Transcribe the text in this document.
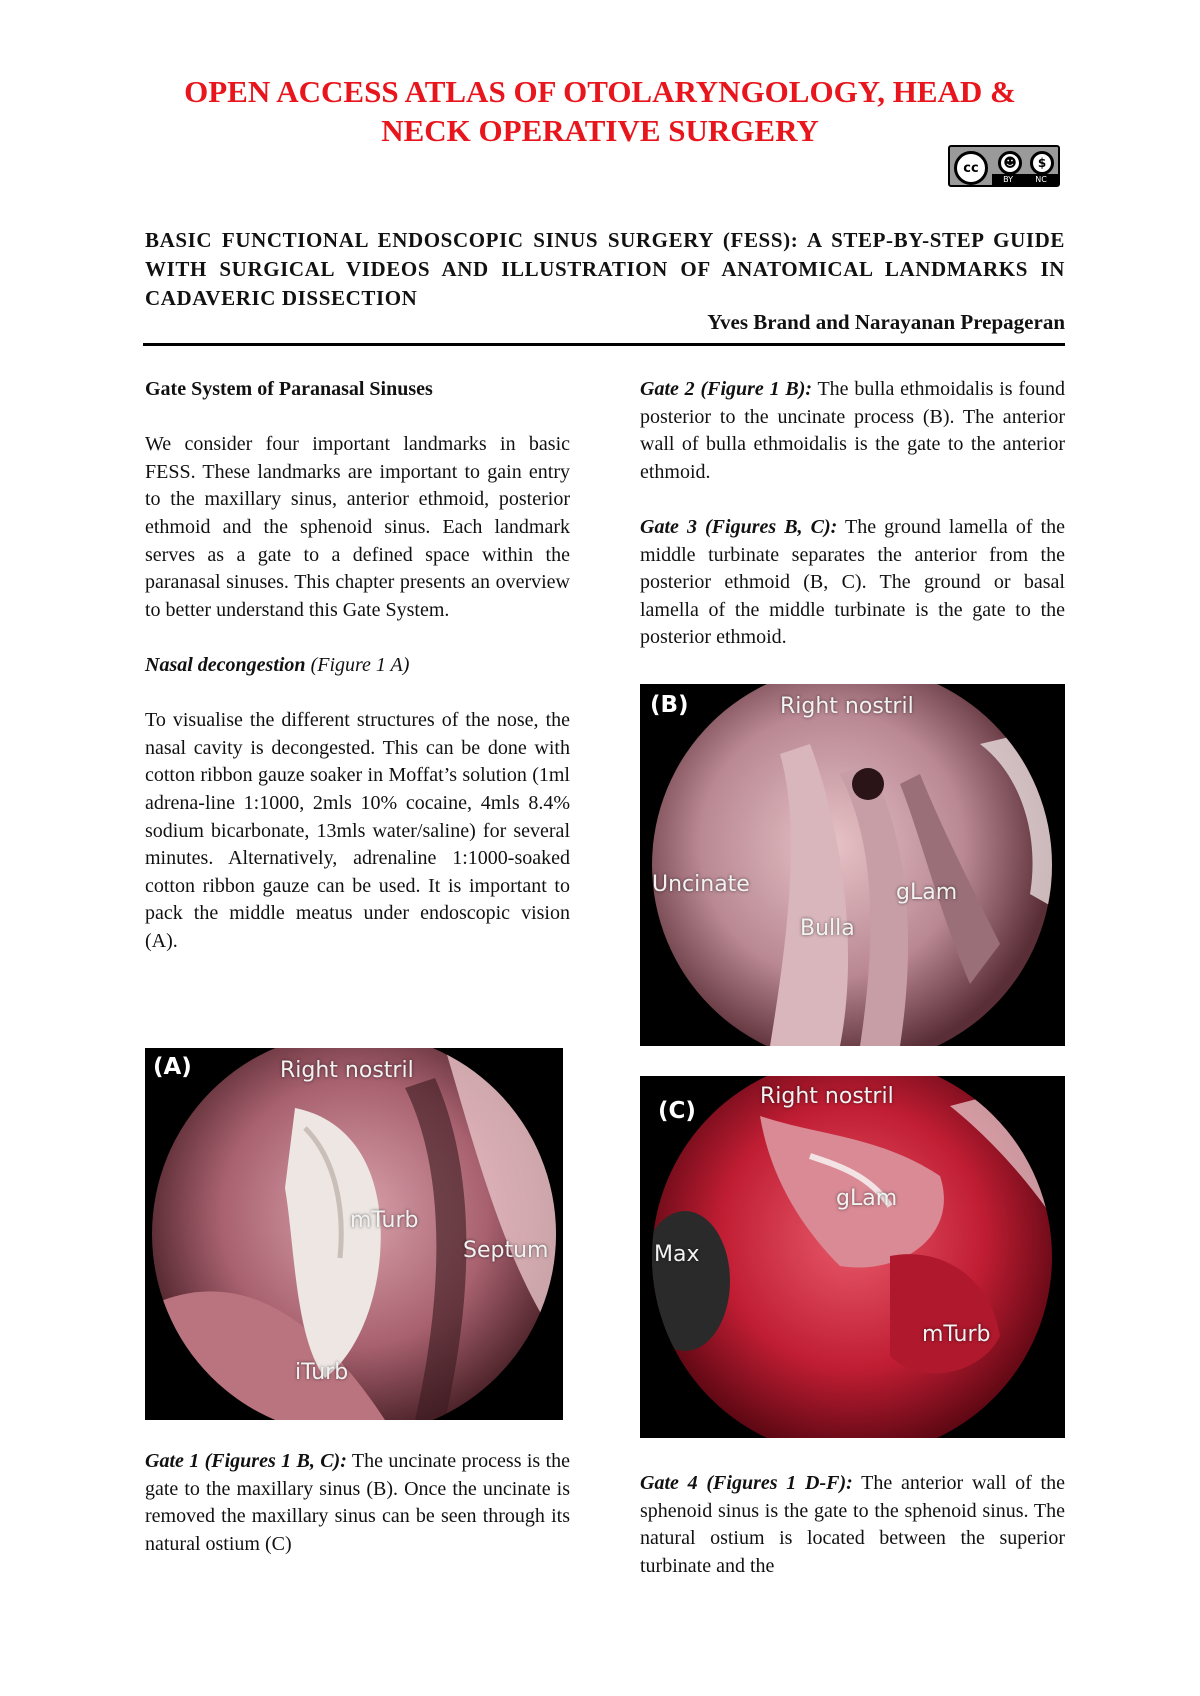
OPEN ACCESS ATLAS OF OTOLARYNGOLOGY, HEAD &
NECK OPERATIVE SURGERY
cc	☻	$
BY	NC
BASIC FUNCTIONAL ENDOSCOPIC SINUS SURGERY (FESS): A STEP-BY-STEP GUIDE WITH SURGICAL VIDEOS AND ILLUSTRATION OF ANATOMICAL LANDMARKS IN CADAVERIC DISSECTION
Yves Brand and Narayanan Prepageran

Gate System of Paranasal Sinuses

We consider four important landmarks in basic FESS. These landmarks are important to gain entry to the maxillary sinus, anterior ethmoid, posterior ethmoid and the sphenoid sinus. Each landmark serves as a gate to a defined space within the paranasal sinuses. This chapter presents an overview to better understand this Gate System.

Nasal decongestion (Figure 1 A)

To visualise the different structures of the nose, the nasal cavity is decongested. This can be done with cotton ribbon gauze soaker in Moffat’s solution (1ml adrena-line 1:1000, 2mls 10% cocaine, 4mls 8.4% sodium bicarbonate, 13mls water/saline) for several minutes. Alternatively, adrenaline 1:1000-soaked cotton ribbon gauze can be used. It is important to pack the middle meatus under endoscopic vision (A).

Gate 1 (Figures 1 B, C): The uncinate process is the gate to the maxillary sinus (B). Once the uncinate is removed the maxillary sinus can be seen through its natural ostium (C)

Gate 2 (Figure 1 B): The bulla ethmoidalis is found posterior to the uncinate process (B). The anterior wall of bulla ethmoidalis is the gate to the anterior ethmoid.

Gate 3 (Figures B, C): The ground lamella of the middle turbinate separates the anterior from the posterior ethmoid (B, C). The ground or basal lamella of the middle turbinate is the gate to the posterior ethmoid.

Gate 4 (Figures 1 D-F): The anterior wall of the sphenoid sinus is the gate to the sphenoid sinus. The natural ostium is located between the superior turbinate and the

(A)	Right nostril
mTurb
Septum
iTurb
(B)	Right nostril
Uncinate	gLam
Bulla
(C)
Right nostril
gLam
Max
mTurb
